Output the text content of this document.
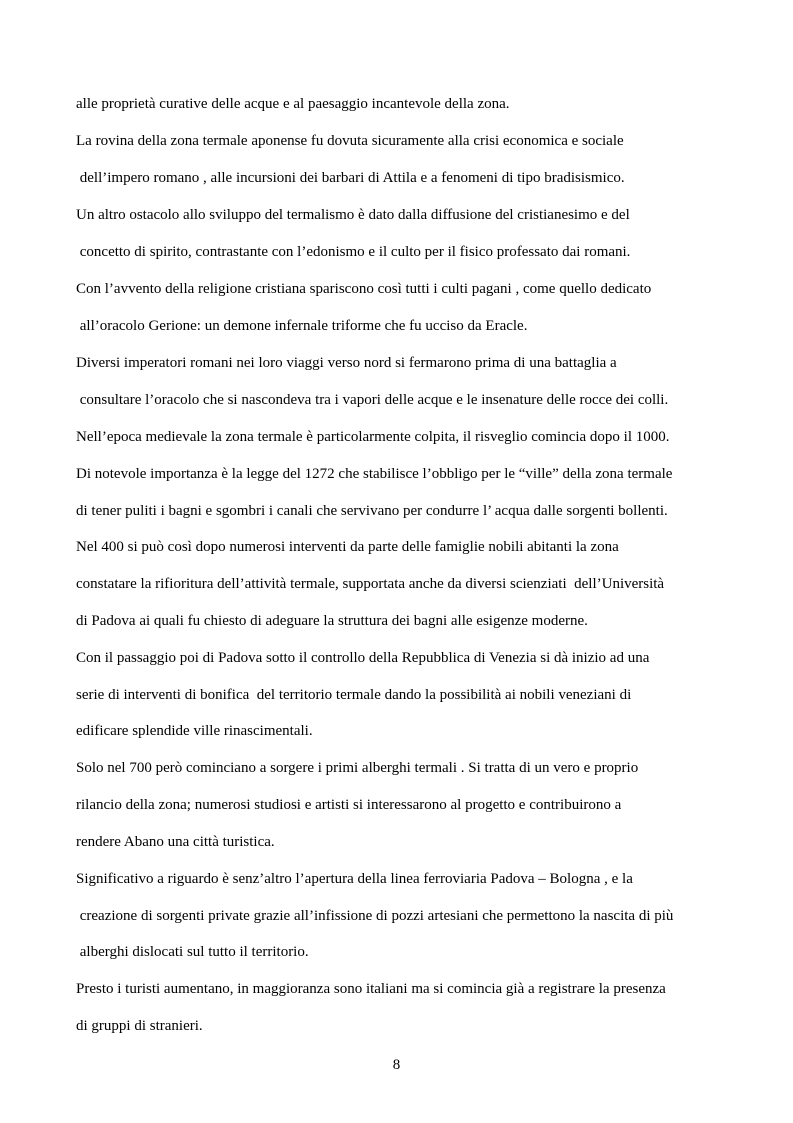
alle proprietà curative delle acque e al paesaggio incantevole della zona.
La rovina della zona termale aponense fu dovuta sicuramente alla crisi economica e sociale
dell’impero romano , alle incursioni dei barbari di Attila e a fenomeni di tipo bradisismico.
Un altro ostacolo allo sviluppo del termalismo è dato dalla diffusione del cristianesimo e del
concetto di spirito, contrastante con l’edonismo e il culto per il fisico professato dai romani.
Con l’avvento della religione cristiana spariscono così tutti i culti pagani , come quello dedicato
all’oracolo Gerione: un demone infernale triforme che fu ucciso da Eracle.
Diversi imperatori romani nei loro viaggi verso nord si fermarono prima di una battaglia a
consultare l’oracolo che si nascondeva tra i vapori delle acque e le insenature delle rocce dei colli.
Nell’epoca medievale la zona termale è particolarmente colpita, il risveglio comincia dopo il 1000.
Di notevole importanza è la legge del 1272 che stabilisce l’obbligo per le “ville” della zona termale
di tener puliti i bagni e sgombri i canali che servivano per condurre l’ acqua dalle sorgenti bollenti.
Nel 400 si può così dopo numerosi interventi da parte delle famiglie nobili abitanti la zona
constatare la rifioritura dell’attività termale, supportata anche da diversi scienziati  dell’Università
di Padova ai quali fu chiesto di adeguare la struttura dei bagni alle esigenze moderne.
Con il passaggio poi di Padova sotto il controllo della Repubblica di Venezia si dà inizio ad una
serie di interventi di bonifica  del territorio termale dando la possibilità ai nobili veneziani di
edificare splendide ville rinascimentali.
Solo nel 700 però cominciano a sorgere i primi alberghi termali . Si tratta di un vero e proprio
rilancio della zona; numerosi studiosi e artisti si interessarono al progetto e contribuirono a
rendere Abano una città turistica.
Significativo a riguardo è senz’altro l’apertura della linea ferroviaria Padova – Bologna , e la
creazione di sorgenti private grazie all’infissione di pozzi artesiani che permettono la nascita di più
alberghi dislocati sul tutto il territorio.
Presto i turisti aumentano, in maggioranza sono italiani ma si comincia già a registrare la presenza
di gruppi di stranieri.
8
